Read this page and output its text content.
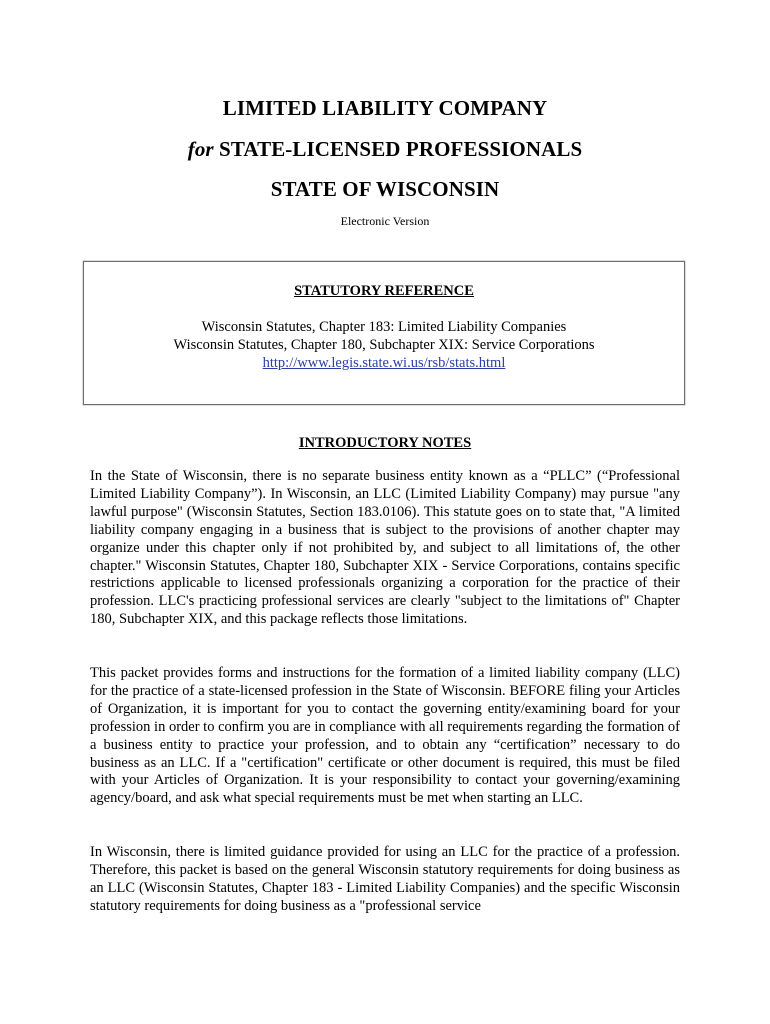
LIMITED LIABILITY COMPANY
for STATE-LICENSED PROFESSIONALS
STATE OF WISCONSIN
Electronic Version
STATUTORY REFERENCE
Wisconsin Statutes, Chapter 183: Limited Liability Companies
Wisconsin Statutes, Chapter 180, Subchapter XIX: Service Corporations
http://www.legis.state.wi.us/rsb/stats.html
INTRODUCTORY NOTES

In the State of Wisconsin, there is no separate business entity known as a “PLLC” (“Professional Limited Liability Company”). In Wisconsin, an LLC (Limited Liability Company) may pursue "any lawful purpose" (Wisconsin Statutes, Section 183.0106). This statute goes on to state that, "A limited liability company engaging in a business that is subject to the provisions of another chapter may organize under this chapter only if not prohibited by, and subject to all limitations of, the other chapter." Wisconsin Statutes, Chapter 180, Subchapter XIX - Service Corporations, contains specific restrictions applicable to licensed professionals organizing a corporation for the practice of their profession. LLC's practicing professional services are clearly "subject to the limitations of" Chapter 180, Subchapter XIX, and this package reflects those limitations.

This packet provides forms and instructions for the formation of a limited liability company (LLC) for the practice of a state-licensed profession in the State of Wisconsin. BEFORE filing your Articles of Organization, it is important for you to contact the governing entity/examining board for your profession in order to confirm you are in compliance with all requirements regarding the formation of a business entity to practice your profession, and to obtain any “certification” necessary to do business as an LLC. If a "certification" certificate or other document is required, this must be filed with your Articles of Organization. It is your responsibility to contact your governing/examining agency/board, and ask what special requirements must be met when starting an LLC.

In Wisconsin, there is limited guidance provided for using an LLC for the practice of a profession. Therefore, this packet is based on the general Wisconsin statutory requirements for doing business as an LLC (Wisconsin Statutes, Chapter 183 - Limited Liability Companies) and the specific Wisconsin statutory requirements for doing business as a "professional service
